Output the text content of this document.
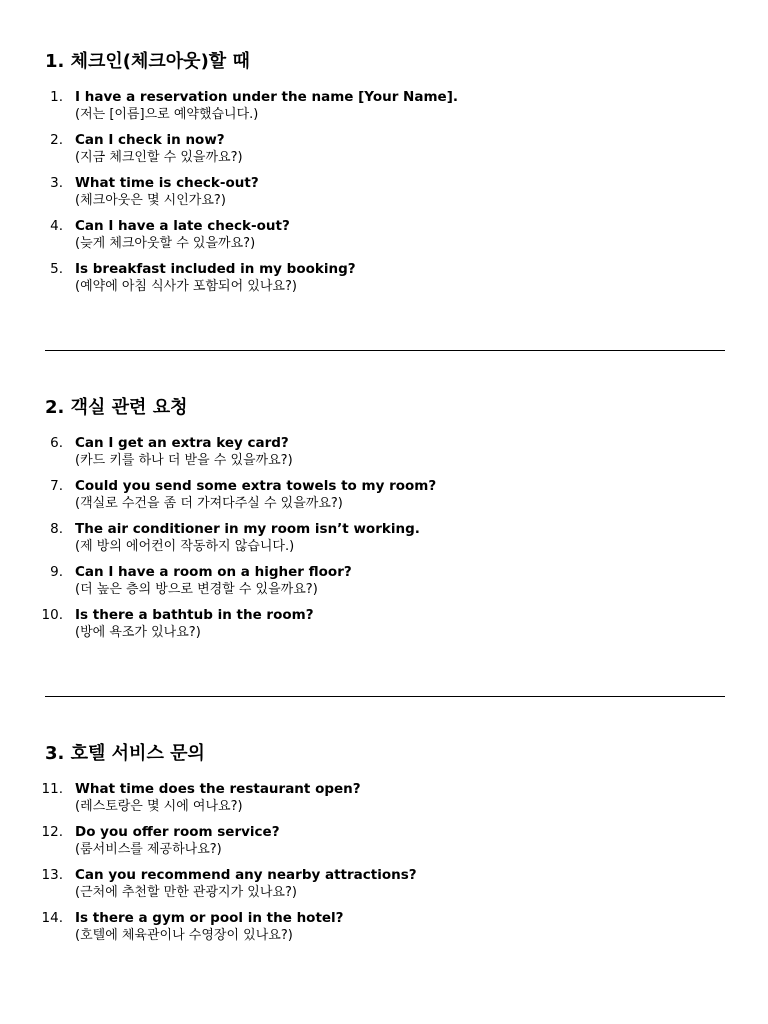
1. 체크인(체크아웃)할 때
1. I have a reservation under the name [Your Name].
(저는 [이름]으로 예약했습니다.)
2. Can I check in now?
(지금 체크인할 수 있을까요?)
3. What time is check-out?
(체크아웃은 몇 시인가요?)
4. Can I have a late check-out?
(늦게 체크아웃할 수 있을까요?)
5. Is breakfast included in my booking?
(예약에 아침 식사가 포함되어 있나요?)
2. 객실 관련 요청
6. Can I get an extra key card?
(카드 키를 하나 더 받을 수 있을까요?)
7. Could you send some extra towels to my room?
(객실로 수건을 좀 더 가져다주실 수 있을까요?)
8. The air conditioner in my room isn’t working.
(제 방의 에어컨이 작동하지 않습니다.)
9. Can I have a room on a higher floor?
(더 높은 층의 방으로 변경할 수 있을까요?)
10. Is there a bathtub in the room?
(방에 욕조가 있나요?)
3. 호텔 서비스 문의
11. What time does the restaurant open?
(레스토랑은 몇 시에 여나요?)
12. Do you offer room service?
(룸서비스를 제공하나요?)
13. Can you recommend any nearby attractions?
(근처에 추천할 만한 관광지가 있나요?)
14. Is there a gym or pool in the hotel?
(호텔에 체육관이나 수영장이 있나요?)
